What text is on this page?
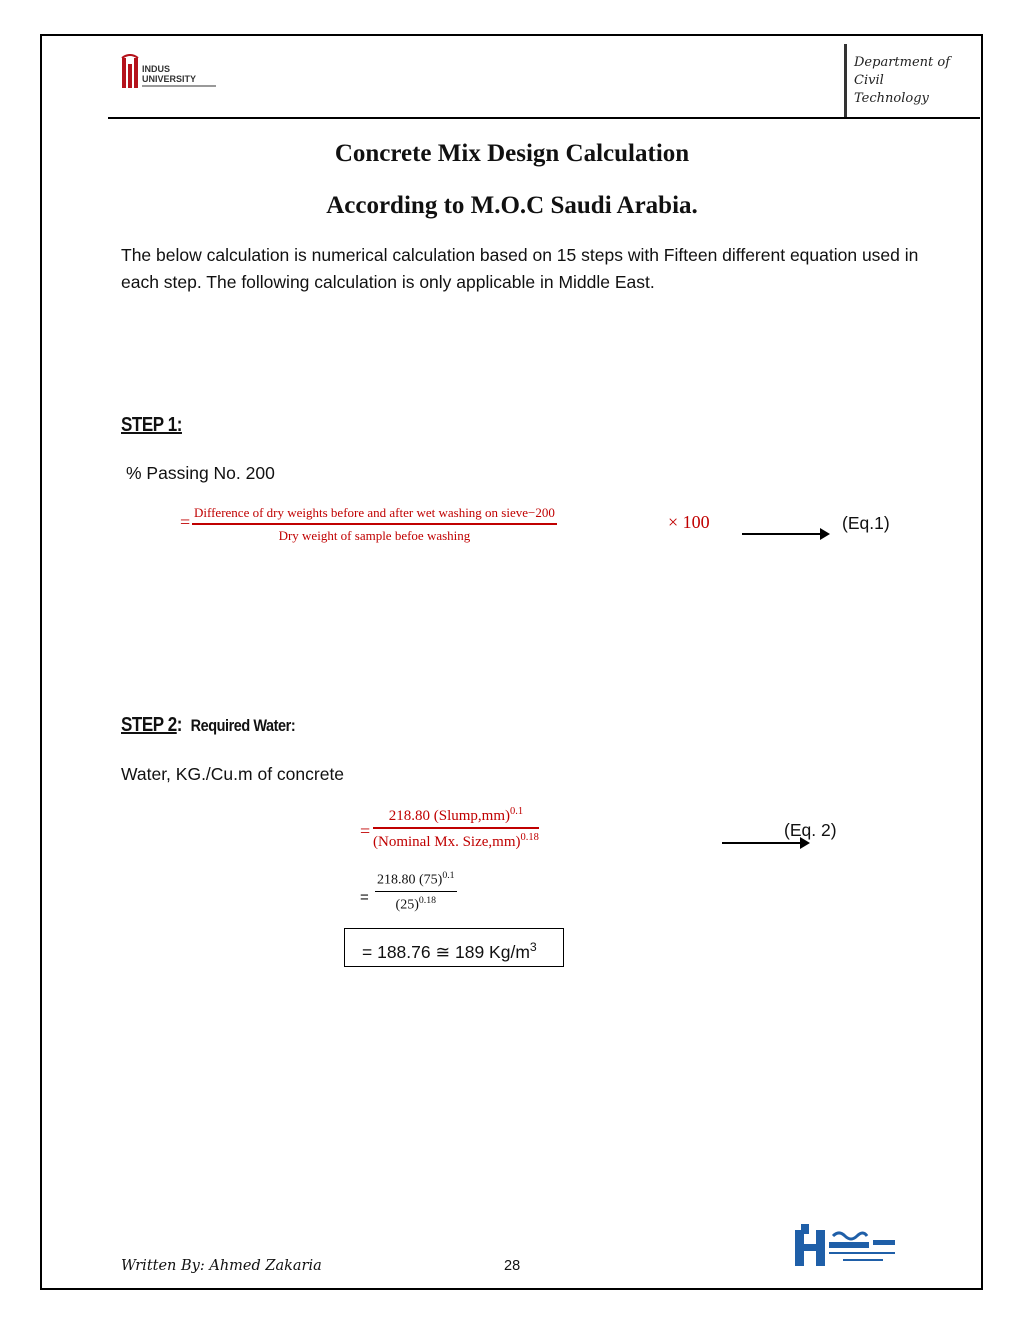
INDUS
UNIVERSITY
Department of
Civil
Technology
Concrete Mix Design Calculation
According to M.O.C Saudi Arabia.
The below calculation is numerical calculation based on 15 steps with Fifteen different equation used in each step. The following calculation is only applicable in Middle East.
STEP 1:
% Passing No. 200
= Difference of dry weights before and after wet washing on sieve−200
Dry weight of sample befoe washing
× 100	(Eq.1)
STEP 2:  Required Water:
Water, KG./Cu.m of concrete
=
218.80 (Slump,mm)$^{0.1}$
(Nominal Mx. Size,mm)$^{0.18}$	(Eq. 2)
=
218.80 $(75)^{0.1}$
$(25)^{0.18}$
= 188.76 ≅ 189 $Kg/m^3$
Written By: Ahmed Zakaria	28
